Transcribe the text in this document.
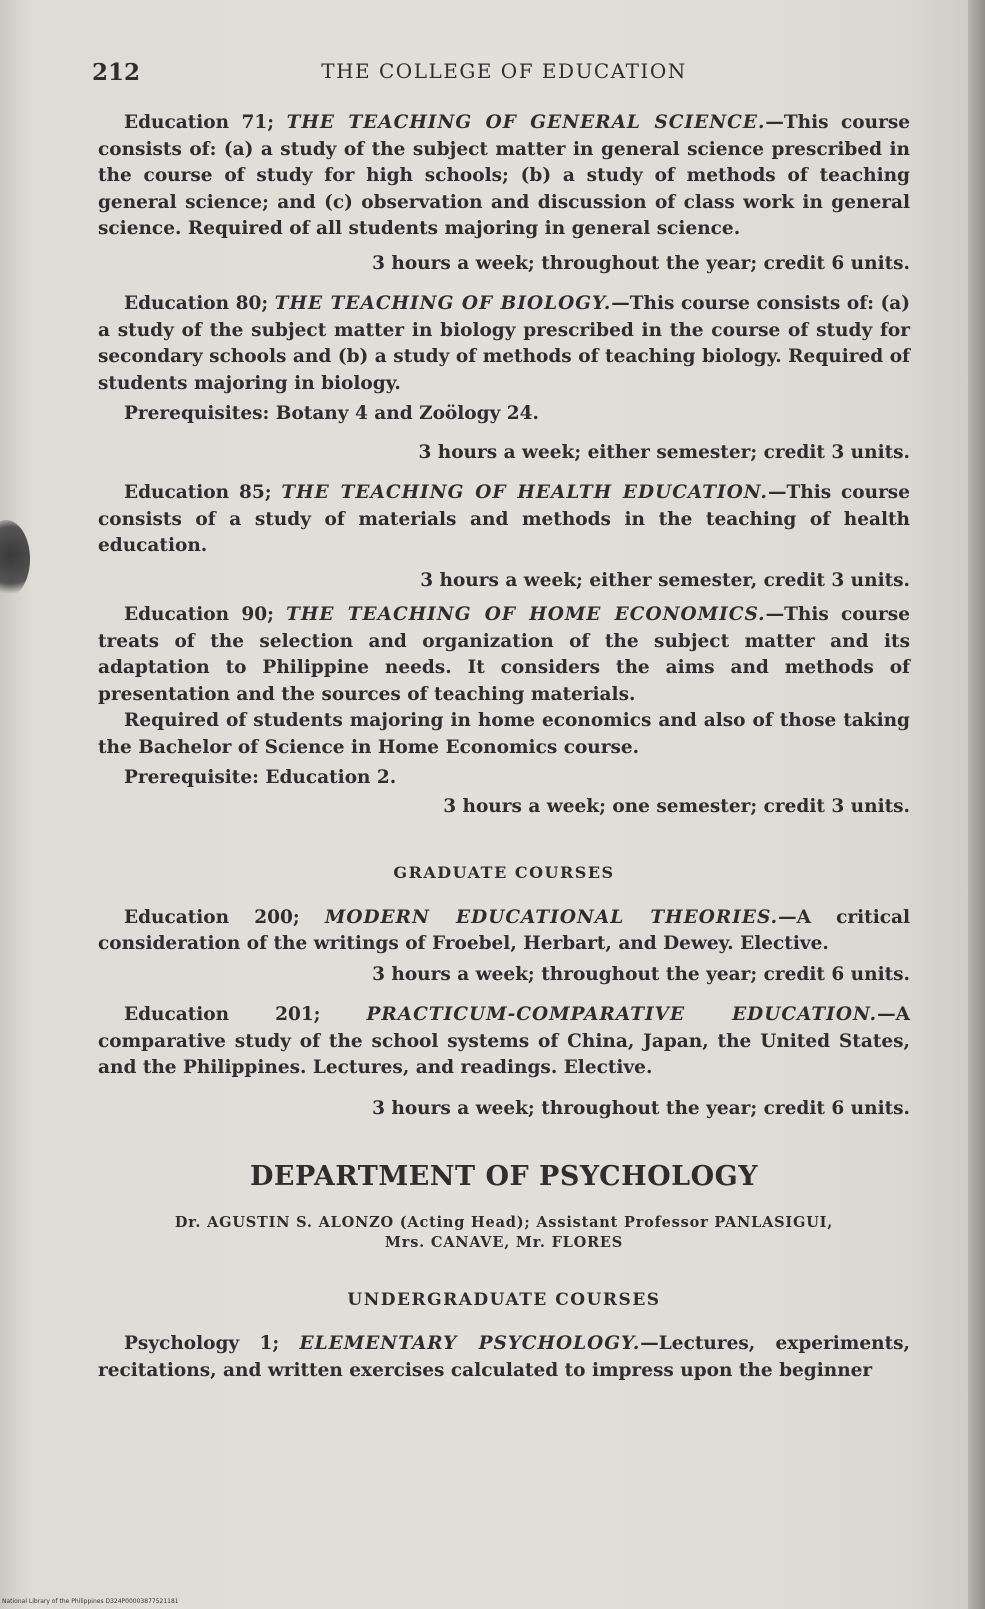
212	THE COLLEGE OF EDUCATION

Education 71; THE TEACHING OF GENERAL SCIENCE.—This course consists of: (a) a study of the subject matter in general science prescribed in the course of study for high schools; (b) a study of methods of teaching general science; and (c) observation and discussion of class work in general science. Required of all students majoring in general science.

3 hours a week; throughout the year; credit 6 units.

Education 80; THE TEACHING OF BIOLOGY.—This course consists of: (a) a study of the subject matter in biology prescribed in the course of study for secondary schools and (b) a study of methods of teaching biology. Required of students majoring in biology.

Prerequisites: Botany 4 and Zoölogy 24.

3 hours a week; either semester; credit 3 units.

Education 85; THE TEACHING OF HEALTH EDUCATION.—This course consists of a study of materials and methods in the teaching of health education.

3 hours a week; either semester, credit 3 units.

Education 90; THE TEACHING OF HOME ECONOMICS.—This course treats of the selection and organization of the subject matter and its adaptation to Philippine needs. It considers the aims and methods of presentation and the sources of teaching materials.

Required of students majoring in home economics and also of those taking the Bachelor of Science in Home Economics course.

Prerequisite: Education 2.

3 hours a week; one semester; credit 3 units.

GRADUATE COURSES

Education 200; MODERN EDUCATIONAL THEORIES.—A critical consideration of the writings of Froebel, Herbart, and Dewey. Elective.

3 hours a week; throughout the year; credit 6 units.

Education 201; PRACTICUM-COMPARATIVE EDUCATION.—A comparative study of the school systems of China, Japan, the United States, and the Philippines. Lectures, and readings. Elective.

3 hours a week; throughout the year; credit 6 units.

DEPARTMENT OF PSYCHOLOGY
Dr. AGUSTIN S. ALONZO (Acting Head); Assistant Professor PANLASIGUI,
Mrs. CANAVE, Mr. FLORES
UNDERGRADUATE COURSES

Psychology 1; ELEMENTARY PSYCHOLOGY.—Lectures, experiments, recitations, and written exercises calculated to impress upon the beginner

National Library of the Philippines D324P00003877521181
